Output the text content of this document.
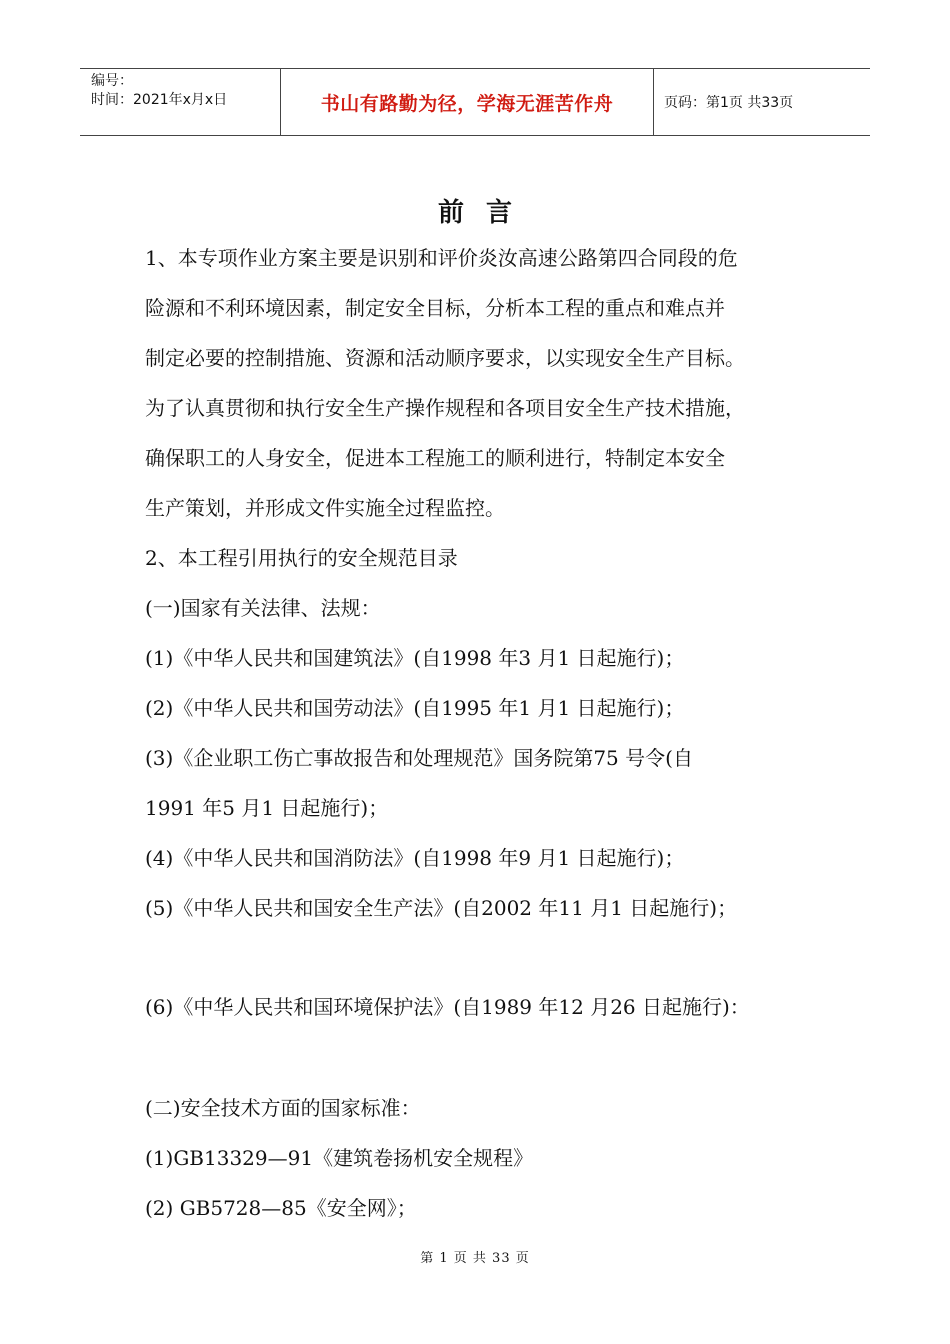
编号：
时间：2021年x月x日	书山有路勤为径，学海无涯苦作舟	页码：第1页 共33页
前言
1、本专项作业方案主要是识别和评价炎汝高速公路第四合同段的危
险源和不利环境因素，制定安全目标，分析本工程的重点和难点并
制定必要的控制措施、资源和活动顺序要求，以实现安全生产目标。
为了认真贯彻和执行安全生产操作规程和各项目安全生产技术措施，
确保职工的人身安全，促进本工程施工的顺利进行，特制定本安全
生产策划，并形成文件实施全过程监控。
2、本工程引用执行的安全规范目录
(一)国家有关法律、法规：
(1)《中华人民共和国建筑法》(自1998 年3 月1 日起施行)；
(2)《中华人民共和国劳动法》(自1995 年1 月1 日起施行)；
(3)《企业职工伤亡事故报告和处理规范》国务院第75 号令(自
1991 年5 月1 日起施行)；
(4)《中华人民共和国消防法》(自1998 年9 月1 日起施行)；
(5)《中华人民共和国安全生产法》(自2002 年11 月1 日起施行)；
(6)《中华人民共和国环境保护法》(自1989 年12 月26 日起施行)：
(二)安全技术方面的国家标准：
(1)GB13329—91《建筑卷扬机安全规程》
(2) GB5728—85《安全网》；
第 1 页 共 33 页
